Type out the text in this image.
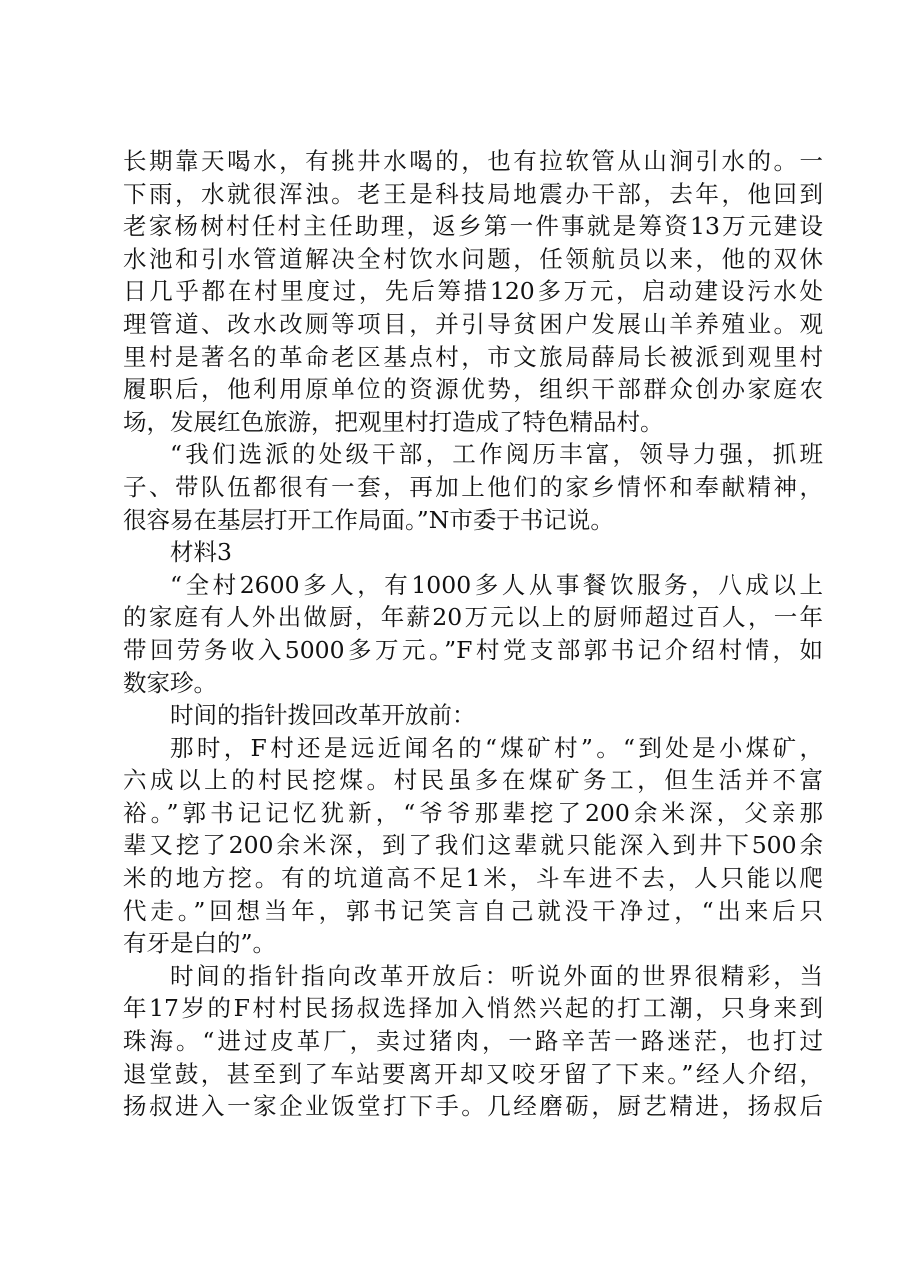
长期靠天喝水，有挑井水喝的，也有拉软管从山涧引水的。一
下雨，水就很浑浊。老王是科技局地震办干部，去年，他回到
老家杨树村任村主任助理，返乡第一件事就是筹资13万元建设
水池和引水管道解决全村饮水问题，任领航员以来，他的双休
日几乎都在村里度过，先后筹措120多万元，启动建设污水处
理管道、改水改厕等项目，并引导贫困户发展山羊养殖业。观
里村是著名的革命老区基点村，市文旅局薛局长被派到观里村
履职后，他利用原单位的资源优势，组织干部群众创办家庭农
场，发展红色旅游，把观里村打造成了特色精品村。
“我们选派的处级干部，工作阅历丰富，领导力强，抓班
子、带队伍都很有一套，再加上他们的家乡情怀和奉献精神，
很容易在基层打开工作局面。”N市委于书记说。
材料3
“全村2600多人，有1000多人从事餐饮服务，八成以上
的家庭有人外出做厨，年薪20万元以上的厨师超过百人，一年
带回劳务收入5000多万元。”F村党支部郭书记介绍村情，如
数家珍。
时间的指针拨回改革开放前：
那时，F村还是远近闻名的“煤矿村”。“到处是小煤矿，
六成以上的村民挖煤。村民虽多在煤矿务工，但生活并不富
裕。”郭书记记忆犹新，“爷爷那辈挖了200余米深，父亲那
辈又挖了200余米深，到了我们这辈就只能深入到井下500余
米的地方挖。有的坑道高不足1米，斗车进不去，人只能以爬
代走。”回想当年，郭书记笑言自己就没干净过，“出来后只
有牙是白的”。
时间的指针指向改革开放后：听说外面的世界很精彩，当
年17岁的F村村民扬叔选择加入悄然兴起的打工潮，只身来到
珠海。“进过皮革厂，卖过猪肉，一路辛苦一路迷茫，也打过
退堂鼓，甚至到了车站要离开却又咬牙留了下来。”经人介绍，
扬叔进入一家企业饭堂打下手。几经磨砺，厨艺精进，扬叔后
